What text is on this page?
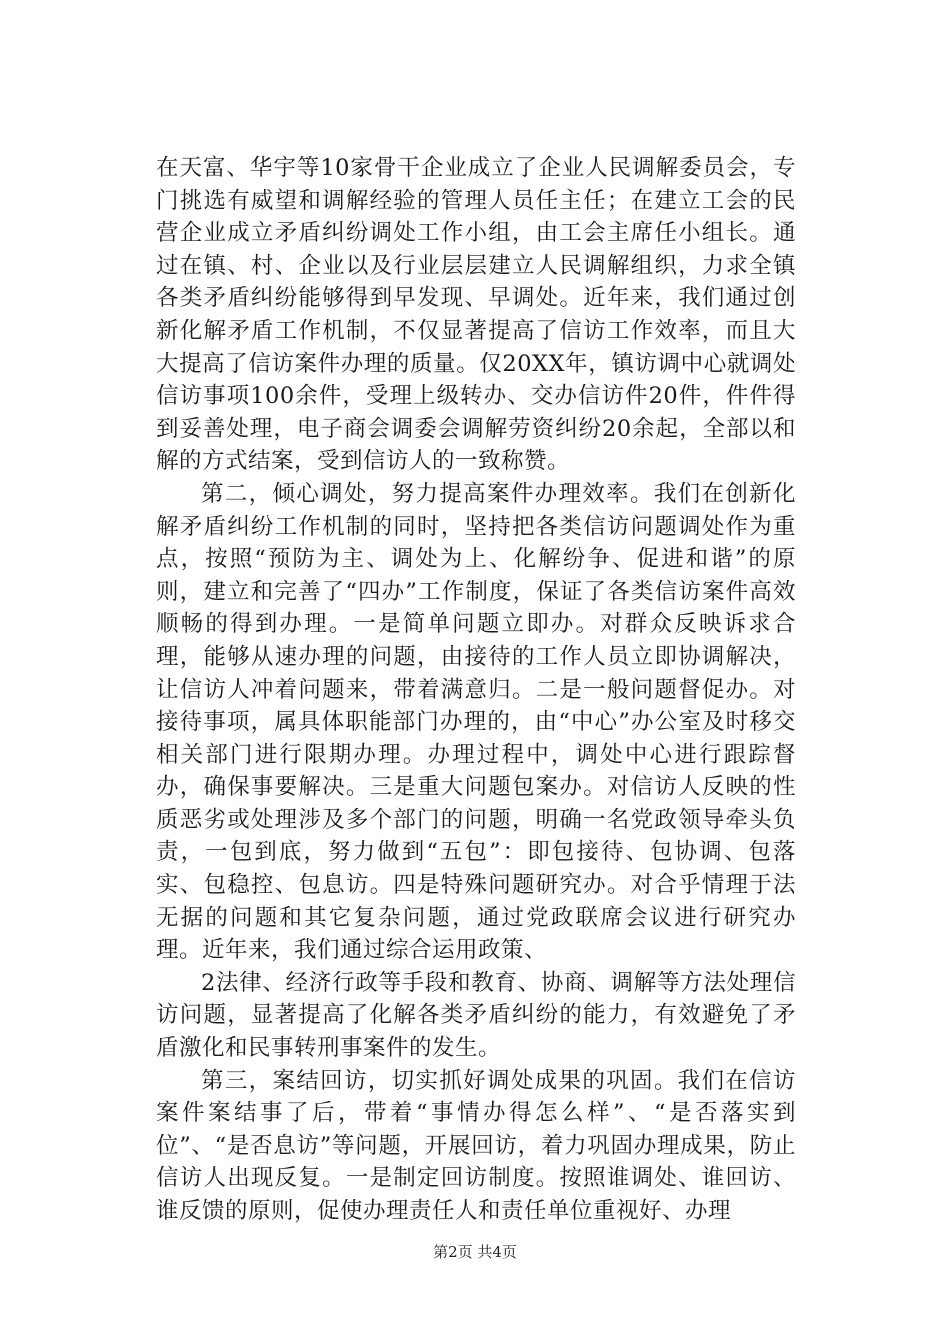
在天富、华宇等10家骨干企业成立了企业人民调解委员会，专门挑选有威望和调解经验的管理人员任主任；在建立工会的民营企业成立矛盾纠纷调处工作小组，由工会主席任小组长。通过在镇、村、企业以及行业层层建立人民调解组织，力求全镇各类矛盾纠纷能够得到早发现、早调处。近年来，我们通过创新化解矛盾工作机制，不仅显著提高了信访工作效率，而且大大提高了信访案件办理的质量。仅20XX年，镇访调中心就调处信访事项100余件，受理上级转办、交办信访件20件，件件得到妥善处理，电子商会调委会调解劳资纠纷20余起，全部以和解的方式结案，受到信访人的一致称赞。

第二，倾心调处，努力提高案件办理效率。我们在创新化解矛盾纠纷工作机制的同时，坚持把各类信访问题调处作为重点，按照“预防为主、调处为上、化解纷争、促进和谐”的原则，建立和完善了“四办”工作制度，保证了各类信访案件高效顺畅的得到办理。一是简单问题立即办。对群众反映诉求合理，能够从速办理的问题，由接待的工作人员立即协调解决，让信访人冲着问题来，带着满意归。二是一般问题督促办。对接待事项，属具体职能部门办理的，由“中心”办公室及时移交相关部门进行限期办理。办理过程中，调处中心进行跟踪督办，确保事要解决。三是重大问题包案办。对信访人反映的性质恶劣或处理涉及多个部门的问题，明确一名党政领导牵头负责，一包到底，努力做到“五包”：即包接待、包协调、包落实、包稳控、包息访。四是特殊问题研究办。对合乎情理于法无据的问题和其它复杂问题，通过党政联席会议进行研究办理。近年来，我们通过综合运用政策、

2法律、经济行政等手段和教育、协商、调解等方法处理信访问题，显著提高了化解各类矛盾纠纷的能力，有效避免了矛盾激化和民事转刑事案件的发生。

第三，案结回访，切实抓好调处成果的巩固。我们在信访案件案结事了后，带着“事情办得怎么样”、“是否落实到位”、“是否息访”等问题，开展回访，着力巩固办理成果，防止信访人出现反复。一是制定回访制度。按照谁调处、谁回访、谁反馈的原则，促使办理责任人和责任单位重视好、办理

第2页 共4页
